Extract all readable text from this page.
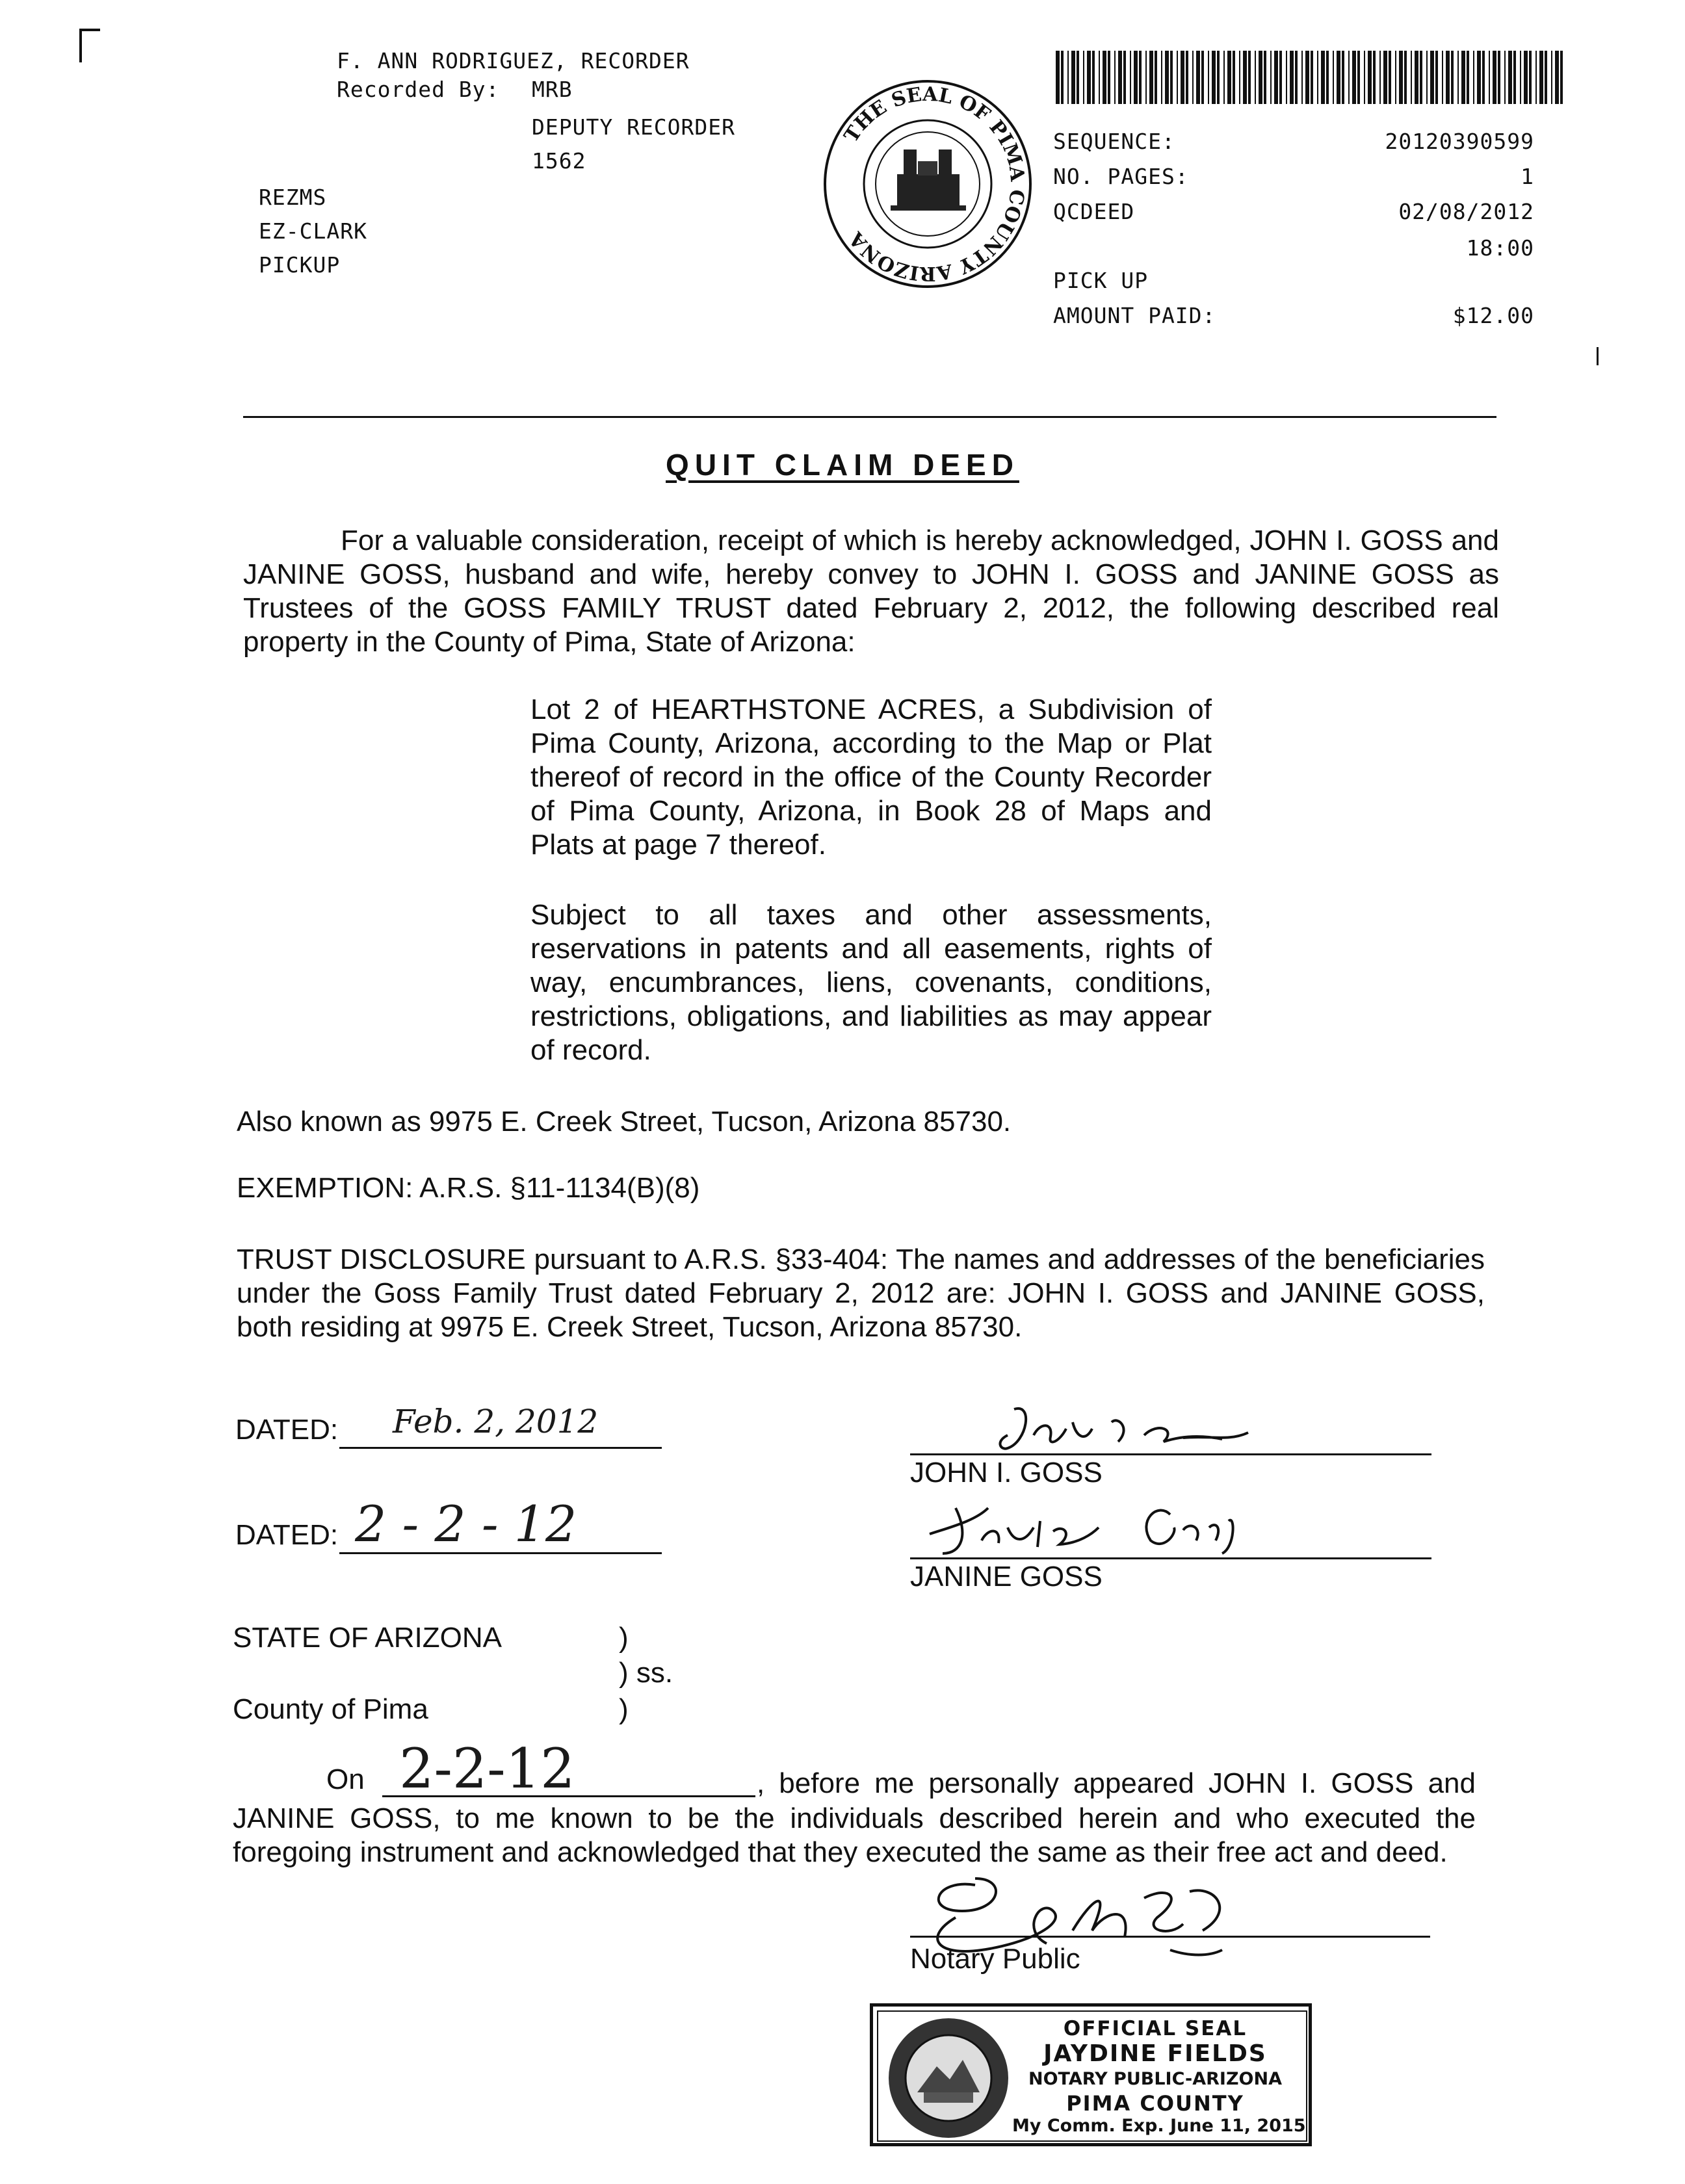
F. ANN RODRIGUEZ, RECORDER
Recorded By: MRB
DEPUTY RECORDER
1562
REZMS
EZ-CLARK
PICKUP
THE SEAL OF PIMA COUNTY ARIZONA
SEQUENCE:	20120390599
NO. PAGES:	1
QCDEED	02/08/2012
18:00
PICK UP
AMOUNT PAID:	$12.00
QUIT CLAIM DEED
For a valuable consideration, receipt of which is hereby acknowledged, JOHN I. GOSS and JANINE GOSS, husband and wife, hereby convey to JOHN I. GOSS and JANINE GOSS as Trustees of the GOSS FAMILY TRUST dated February 2, 2012, the following described real property in the County of Pima, State of Arizona:
Lot 2 of HEARTHSTONE ACRES, a Subdivision of Pima County, Arizona, according to the Map or Plat thereof of record in the office of the County Recorder of Pima County, Arizona, in Book 28 of Maps and Plats at page 7 thereof.
Subject to all taxes and other assessments, reservations in patents and all easements, rights of way, encumbrances, liens, covenants, conditions, restrictions, obligations, and liabilities as may appear of record.
Also known as 9975 E. Creek Street, Tucson, Arizona 85730.
EXEMPTION: A.R.S. §11-1134(B)(8)
TRUST DISCLOSURE pursuant to A.R.S. §33-404: The names and addresses of the beneficiaries under the Goss Family Trust dated February 2, 2012 are: JOHN I. GOSS and JANINE GOSS, both residing at 9975 E. Creek Street, Tucson, Arizona 85730.
DATED: Feb. 2, 2012
DATED: 2 - 2 - 12
JOHN I. GOSS
JANINE GOSS
STATE OF ARIZONA	)
) ss.
County of Pima	)
On 2-2-12	, before me personally appeared JOHN I. GOSS and
JANINE GOSS, to me known to be the individuals described herein and who executed the foregoing instrument and acknowledged that they executed the same as their free act and deed.
Notary Public
OFFICIAL SEAL
JAYDINE FIELDS
NOTARY PUBLIC-ARIZONA
PIMA COUNTY
My Comm. Exp. June 11, 2015
